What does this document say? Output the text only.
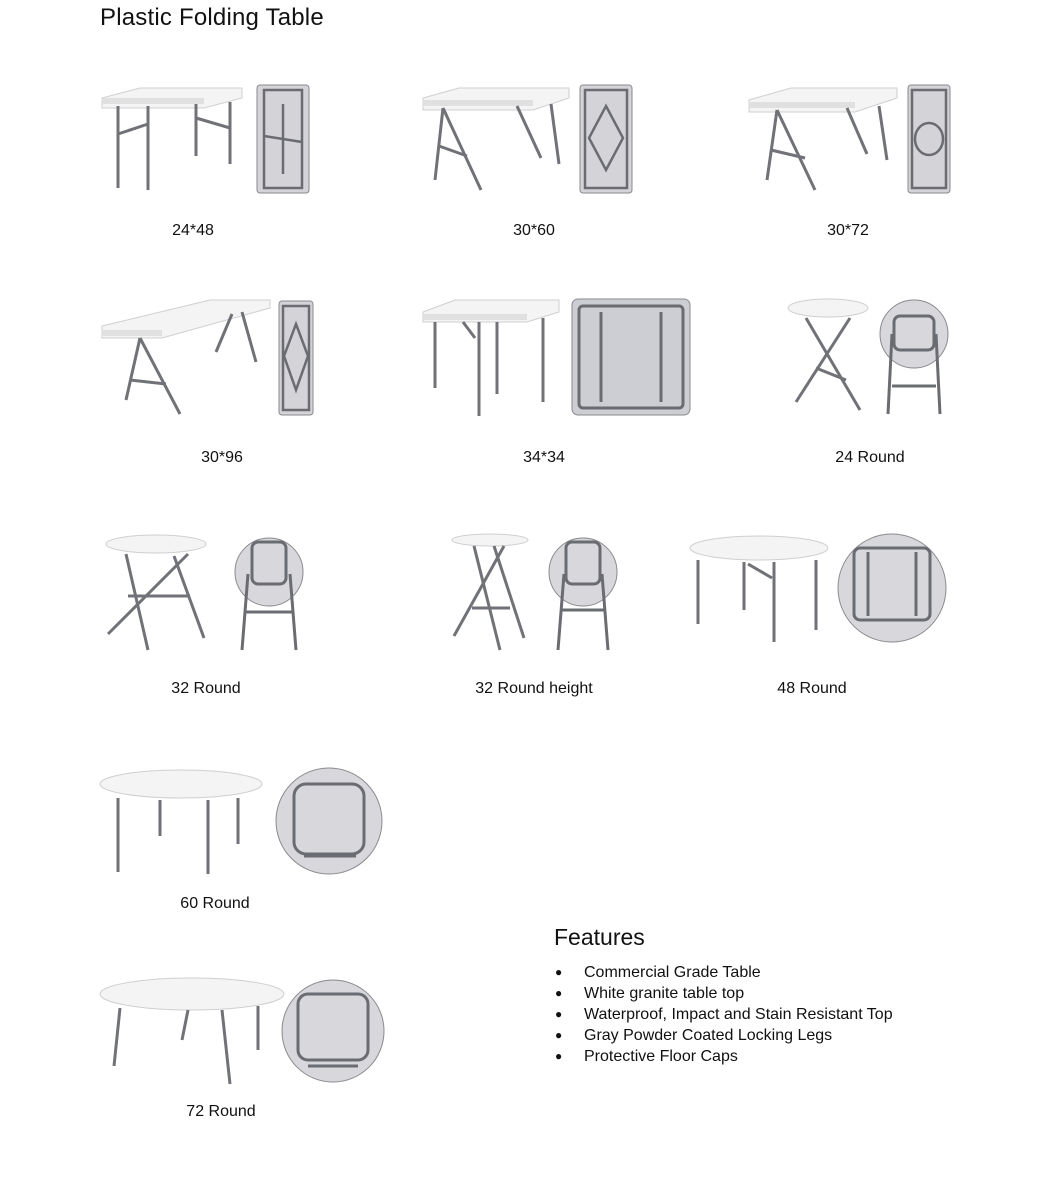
Plastic Folding Table
24*48	30*60	30*72
30*96	34*34	24 Round
32 Round	32 Round height	48 Round
60 Round
72 Round
Features
● Commercial Grade Table
● White granite table top
● Waterproof, Impact and Stain Resistant Top
● Gray Powder Coated Locking Legs
● Protective Floor Caps
